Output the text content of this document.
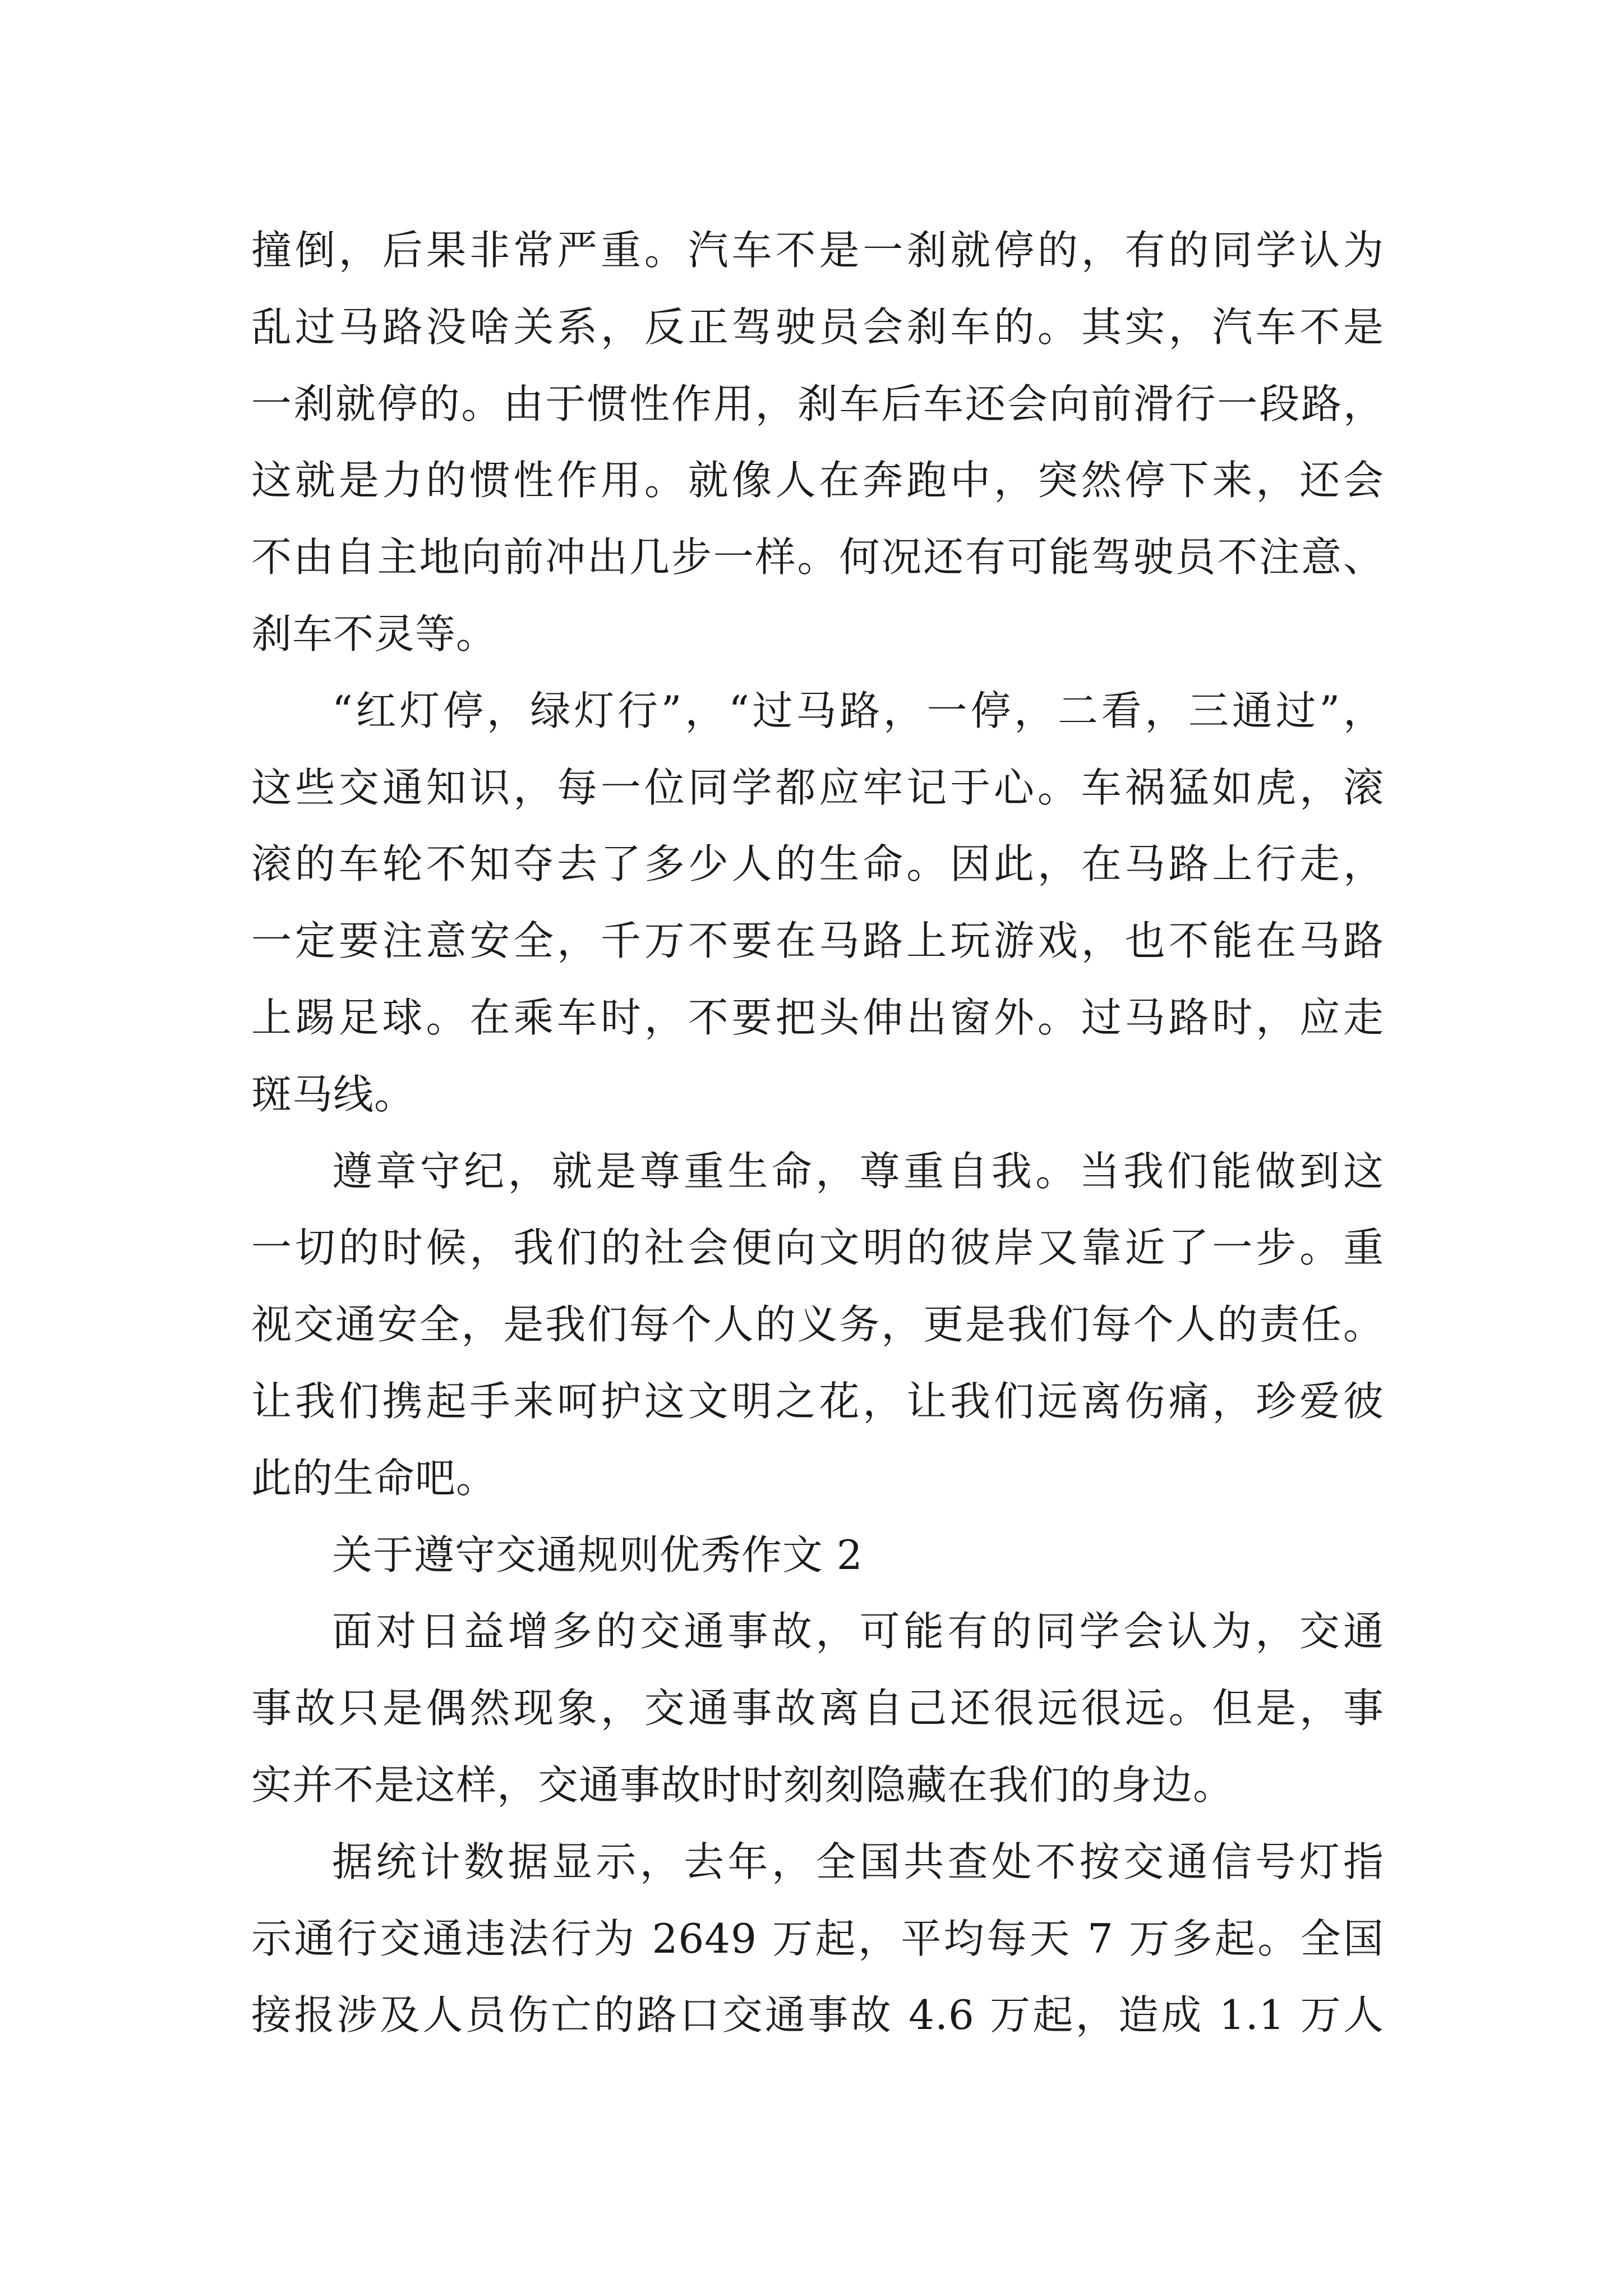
撞倒，后果非常严重。汽车不是一刹就停的，有的同学认为
乱过马路没啥关系，反正驾驶员会刹车的。其实，汽车不是
一刹就停的。由于惯性作用，刹车后车还会向前滑行一段路，
这就是力的惯性作用。就像人在奔跑中，突然停下来，还会
不由自主地向前冲出几步一样。何况还有可能驾驶员不注意、
刹车不灵等。
“红灯停，绿灯行”，“过马路，一停，二看，三通过”，
这些交通知识，每一位同学都应牢记于心。车祸猛如虎，滚
滚的车轮不知夺去了多少人的生命。因此，在马路上行走，
一定要注意安全，千万不要在马路上玩游戏，也不能在马路
上踢足球。在乘车时，不要把头伸出窗外。过马路时，应走
斑马线。
遵章守纪，就是尊重生命，尊重自我。当我们能做到这
一切的时候，我们的社会便向文明的彼岸又靠近了一步。重
视交通安全，是我们每个人的义务，更是我们每个人的责任。
让我们携起手来呵护这文明之花，让我们远离伤痛，珍爱彼
此的生命吧。
关于遵守交通规则优秀作文 2
面对日益增多的交通事故，可能有的同学会认为，交通
事故只是偶然现象，交通事故离自己还很远很远。但是，事
实并不是这样，交通事故时时刻刻隐藏在我们的身边。
据统计数据显示，去年，全国共查处不按交通信号灯指
示通行交通违法行为 2649 万起，平均每天 7 万多起。全国
接报涉及人员伤亡的路口交通事故 4.6 万起，造成 1.1 万人
